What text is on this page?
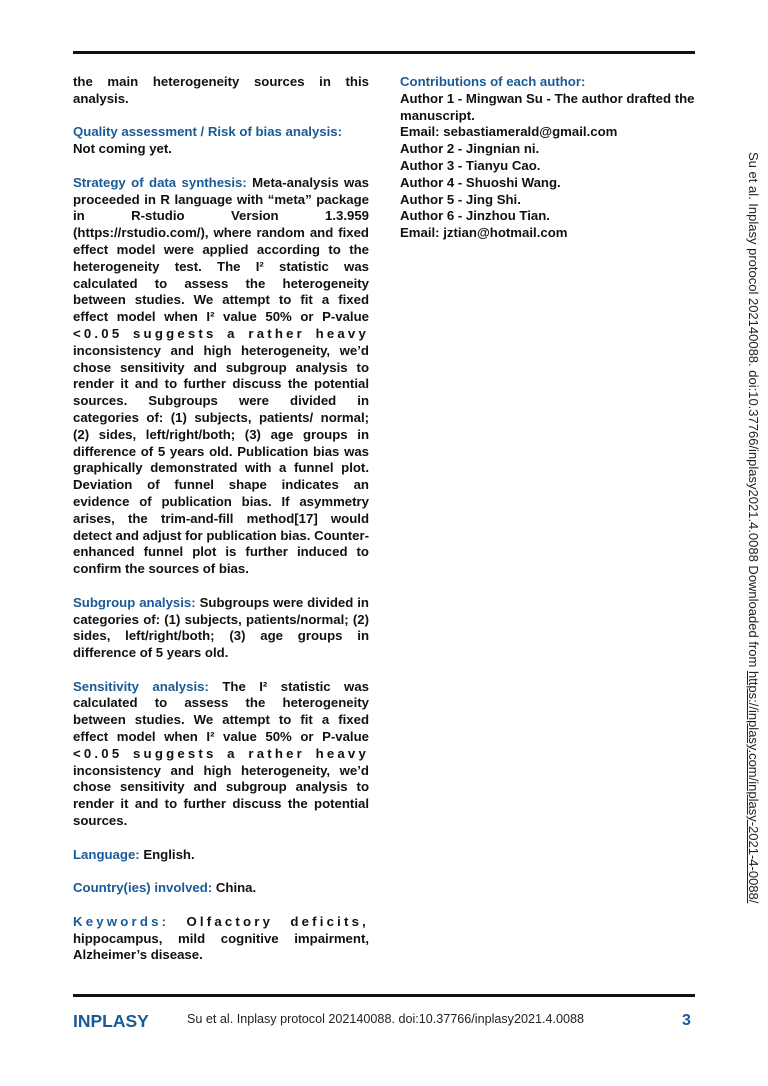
the main heterogeneity sources in this analysis.

Quality assessment / Risk of bias analysis:
Not coming yet.

Strategy of data synthesis: Meta-analysis was proceeded in R language with “meta” package in R-studio Version 1.3.959 (https://rstudio.com/), where random and fixed effect model were applied according to the heterogeneity test. The I² statistic was calculated to assess the heterogeneity between studies. We attempt to fit a fixed effect model when I² value 50% or P-value <0.05 suggests a rather heavy inconsistency and high heterogeneity, we’d chose sensitivity and subgroup analysis to render it and to further discuss the potential sources. Subgroups were divided in categories of: (1) subjects, patients/ normal; (2) sides, left/right/both; (3) age groups in difference of 5 years old. Publication bias was graphically demonstrated with a funnel plot. Deviation of funnel shape indicates an evidence of publication bias. If asymmetry arises, the trim-and-fill method[17] would detect and adjust for publication bias. Counter-enhanced funnel plot is further induced to confirm the sources of bias.

Subgroup analysis: Subgroups were divided in categories of: (1) subjects, patients/normal; (2) sides, left/right/both; (3) age groups in difference of 5 years old.

Sensitivity analysis: The I² statistic was calculated to assess the heterogeneity between studies. We attempt to fit a fixed effect model when I² value 50% or P-value <0.05 suggests a rather heavy inconsistency and high heterogeneity, we’d chose sensitivity and subgroup analysis to render it and to further discuss the potential sources.

Language: English.

Country(ies) involved: China.

Keywords: Olfactory deficits, hippocampus, mild cognitive impairment, Alzheimer’s disease.

Contributions of each author:
Author 1 - Mingwan Su - The author drafted the manuscript.
Email: sebastiamerald@gmail.com
Author 2 - Jingnian ni.
Author 3 - Tianyu Cao.
Author 4 - Shuoshi Wang.
Author 5 - Jing Shi.
Author 6 - Jinzhou Tian.
Email: jztian@hotmail.com	Su et al. Inplasy protocol 202140088. doi:10.37766/inplasy2021.4.0088 Downloaded from https://inplasy.com/inplasy-2021-4-0088/
INPLASY	Su et al. Inplasy protocol 202140088. doi:10.37766/inplasy2021.4.0088	3
